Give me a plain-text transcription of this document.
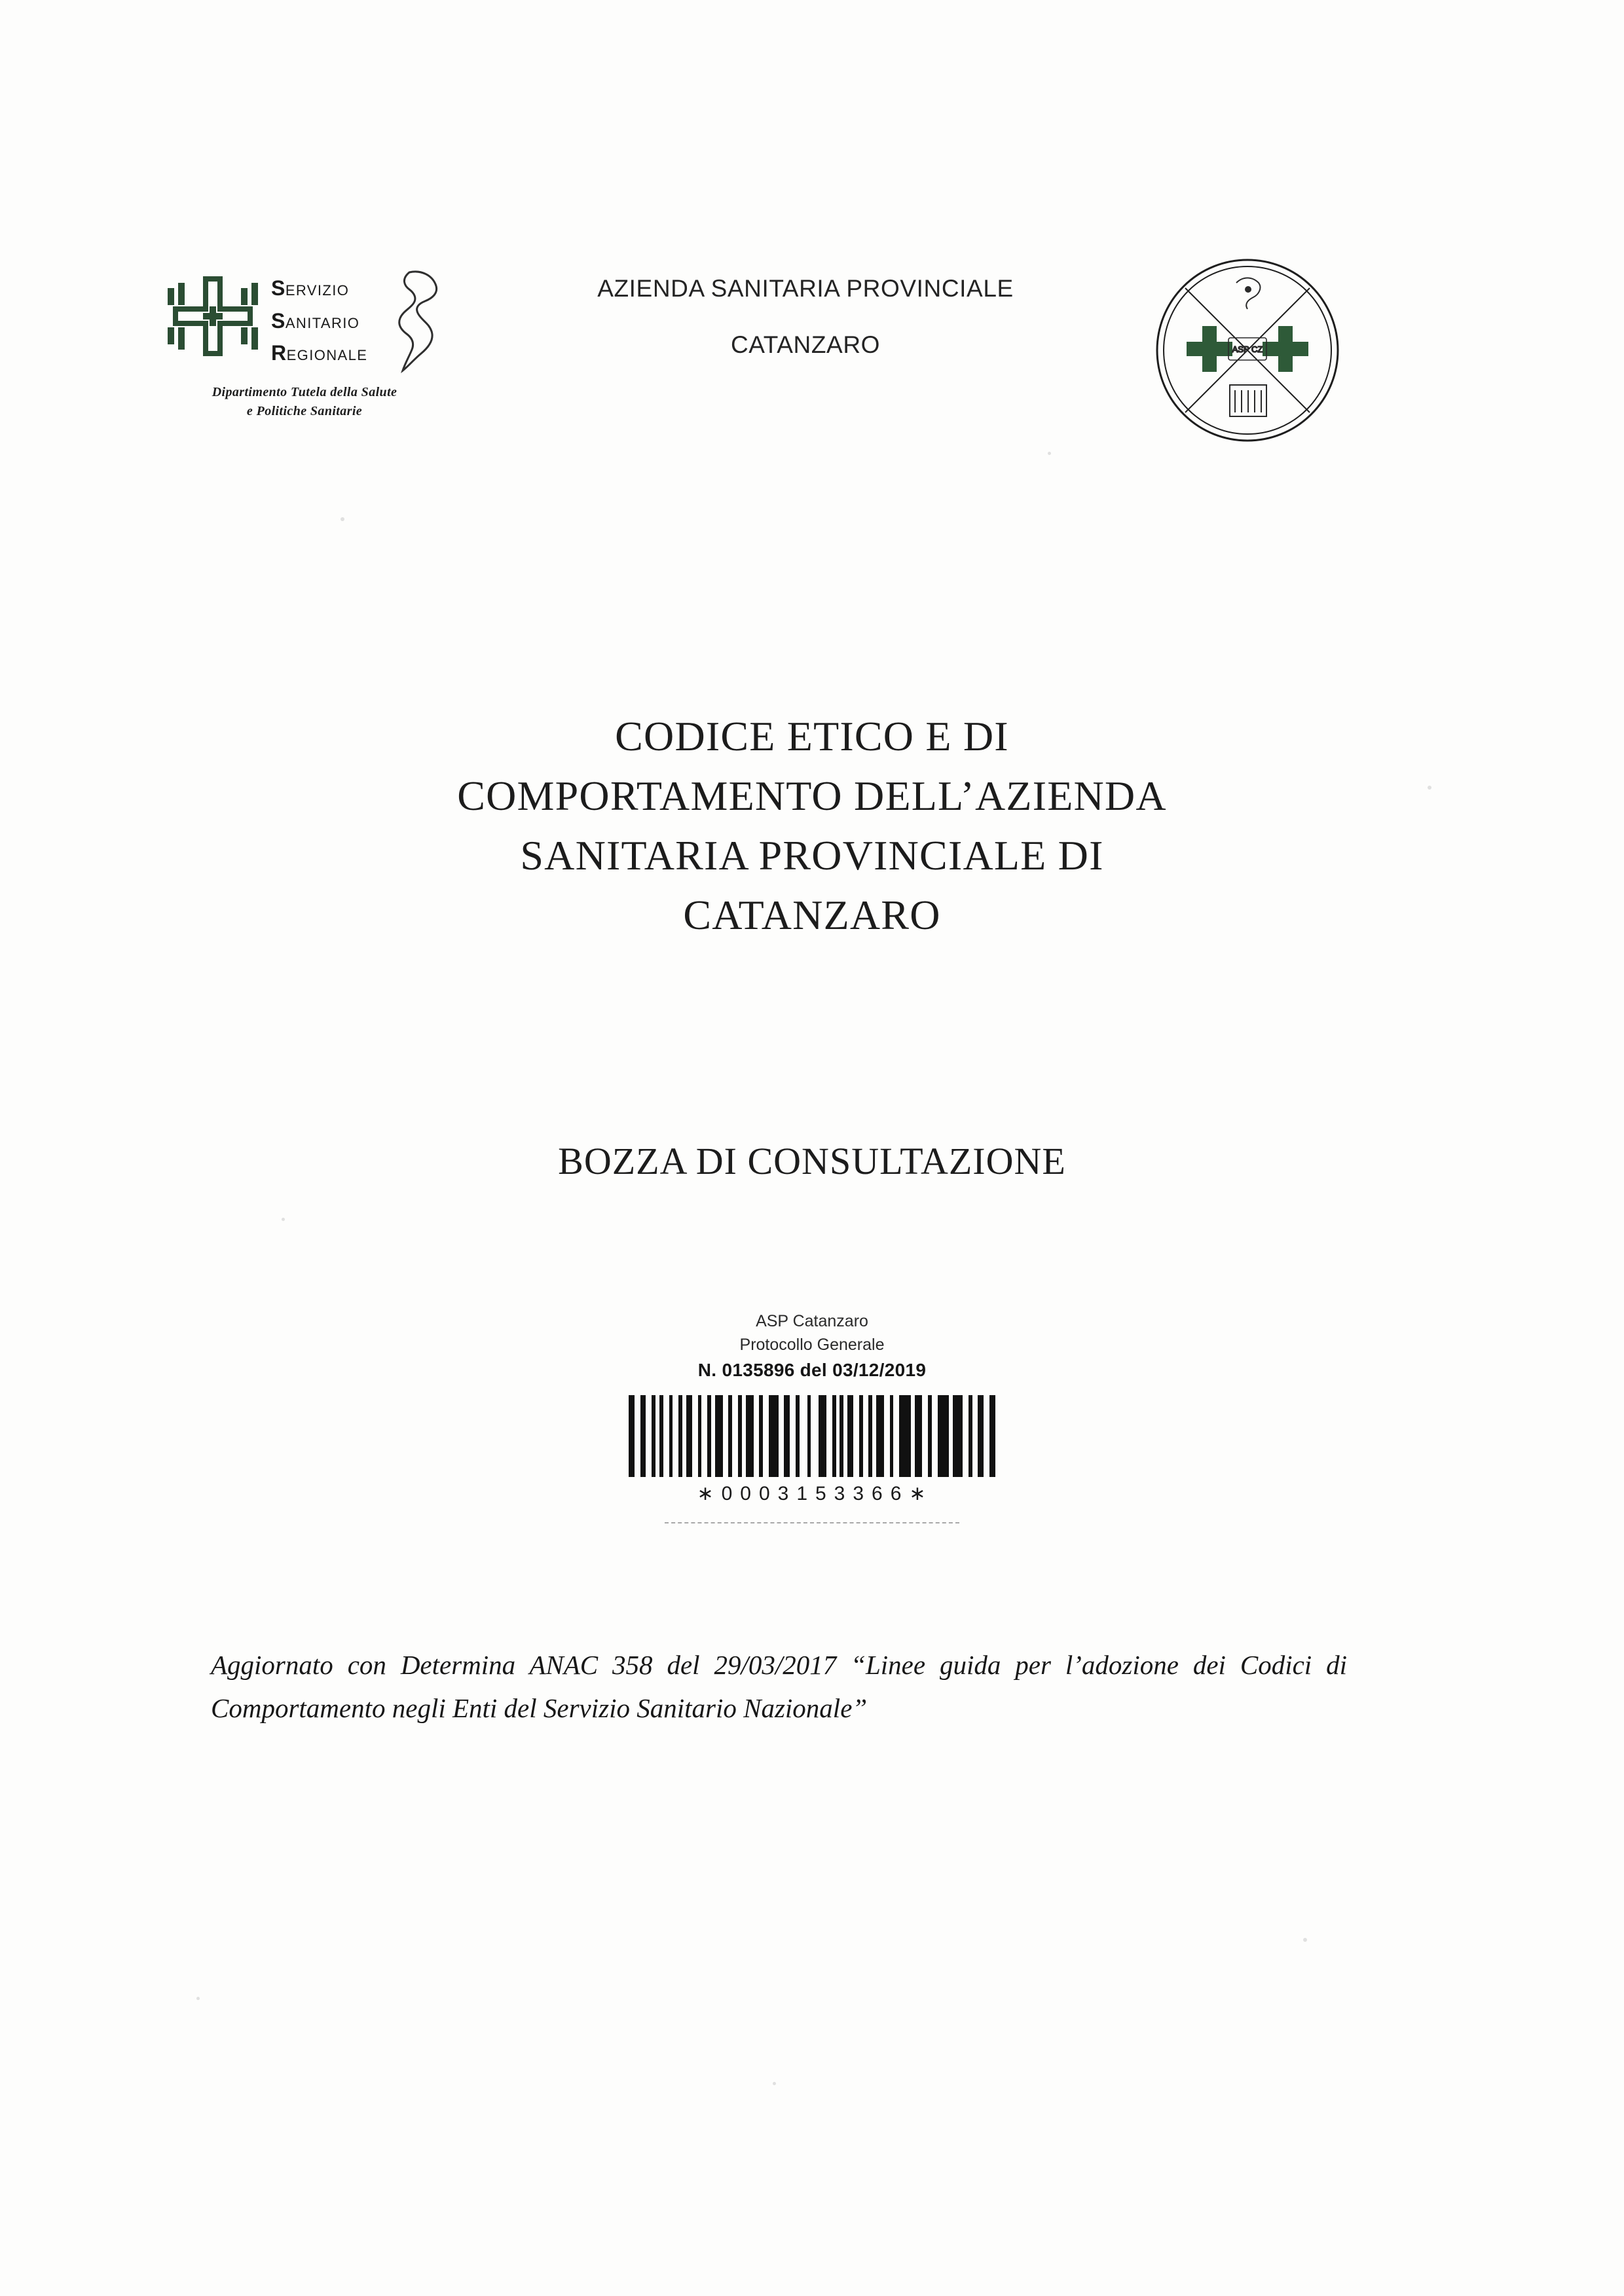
SERVIZIO
SANITARIO
REGIONALE
Dipartimento Tutela della Salute
e Politiche Sanitarie
AZIENDA SANITARIA PROVINCIALE
CATANZARO	ASP CZ
CODICE ETICO E DI
COMPORTAMENTO DELL’AZIENDA
SANITARIA PROVINCIALE DI
CATANZARO
BOZZA DI CONSULTAZIONE
ASP Catanzaro
Protocollo Generale
N. 0135896 del 03/12/2019
∗0003153366∗
Aggiornato con Determina ANAC 358 del 29/03/2017 “Linee guida per l’adozione dei Codici di Comportamento negli Enti del Servizio Sanitario Nazionale”
